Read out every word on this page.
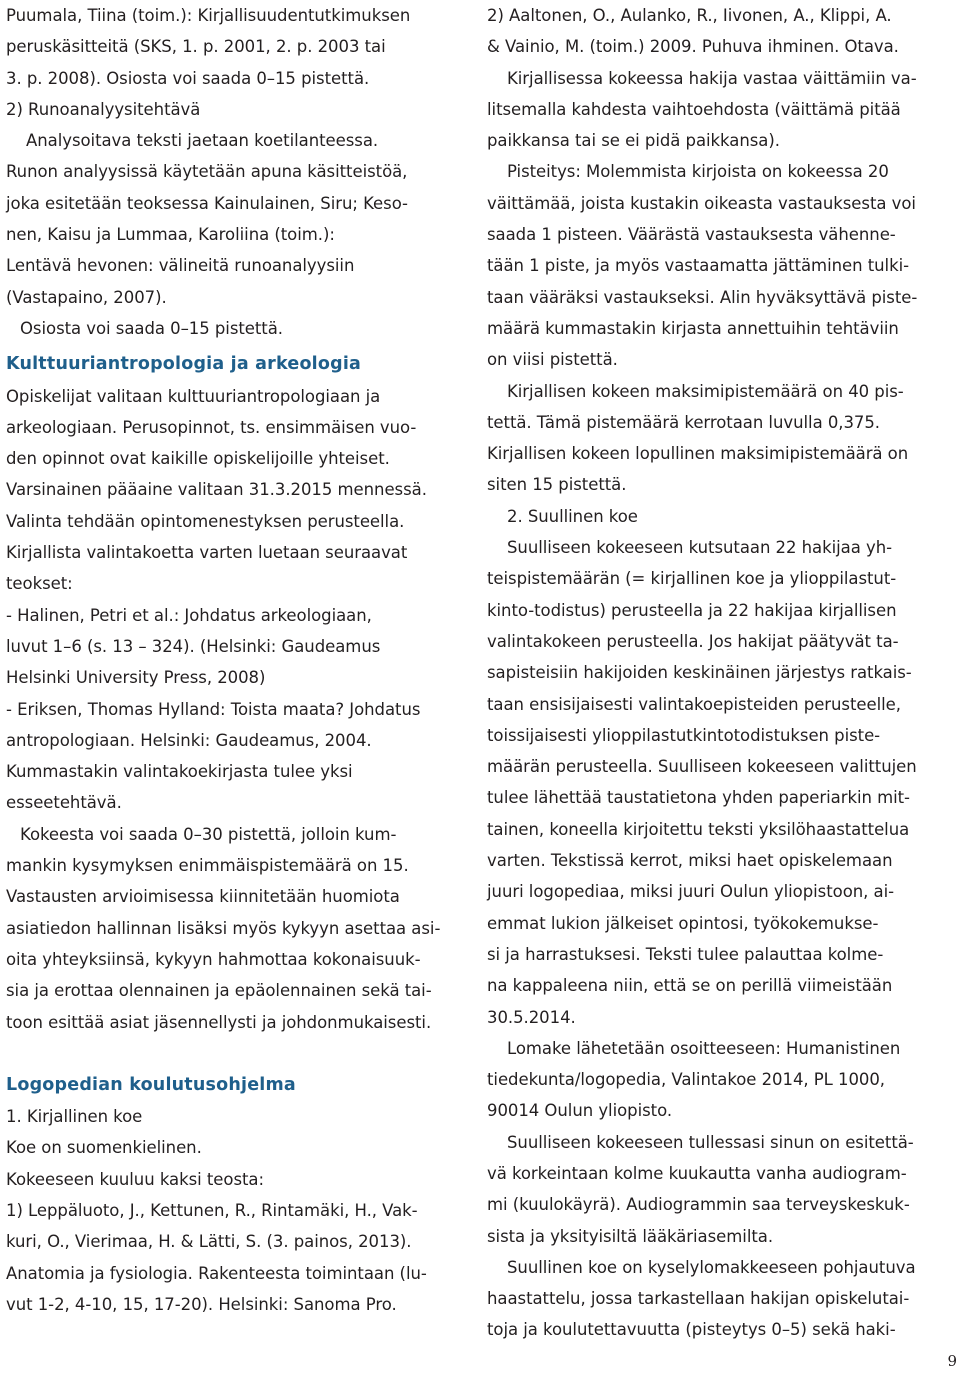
Puumala, Tiina (toim.): Kirjallisuudentutkimuksen
peruskäsitteitä (SKS, 1. p. 2001, 2. p. 2003 tai
3. p. 2008). Osiosta voi saada 0–15 pistettä.
2) Runoanalyysitehtävä
Analysoitava teksti jaetaan koetilanteessa.
Runon analyysissä käytetään apuna käsitteistöä,
joka esitetään teoksessa Kainulainen, Siru; Keso-
nen, Kaisu ja Lummaa, Karoliina (toim.):
Lentävä hevonen: välineitä runoanalyysiin
(Vastapaino, 2007).
Osiosta voi saada 0–15 pistettä.
Kulttuuriantropologia ja arkeologia
Opiskelijat valitaan kulttuuriantropologiaan ja
arkeologiaan. Perusopinnot, ts. ensimmäisen vuo-
den opinnot ovat kaikille opiskelijoille yhteiset.
Varsinainen pääaine valitaan 31.3.2015 mennessä.
Valinta tehdään opintomenestyksen perusteella.
Kirjallista valintakoetta varten luetaan seuraavat
teokset:
- Halinen, Petri et al.: Johdatus arkeologiaan,
luvut 1–6 (s. 13 – 324). (Helsinki: Gaudeamus
Helsinki University Press, 2008)
- Eriksen, Thomas Hylland: Toista maata? Johdatus
antropologiaan. Helsinki: Gaudeamus, 2004.
Kummastakin valintakoekirjasta tulee yksi
esseetehtävä.
Kokeesta voi saada 0–30 pistettä, jolloin kum-
mankin kysymyksen enimmäispistemäärä on 15.
Vastausten arvioimisessa kiinnitetään huomiota
asiatiedon hallinnan lisäksi myös kykyyn asettaa asi-
oita yhteyksiinsä, kykyyn hahmottaa kokonaisuuk-
sia ja erottaa olennainen ja epäolennainen sekä tai-
toon esittää asiat jäsennellysti ja johdonmukaisesti.
Logopedian koulutusohjelma
1. Kirjallinen koe
Koe on suomenkielinen.
Kokeeseen kuuluu kaksi teosta:
1) Leppäluoto, J., Kettunen, R., Rintamäki, H., Vak-
kuri, O., Vierimaa, H. & Lätti, S. (3. painos, 2013).
Anatomia ja fysiologia. Rakenteesta toimintaan (lu-
vut 1-2, 4-10, 15, 17-20). Helsinki: Sanoma Pro.
2) Aaltonen, O., Aulanko, R., Iivonen, A., Klippi, A.
& Vainio, M. (toim.) 2009. Puhuva ihminen. Otava.
Kirjallisessa kokeessa hakija vastaa väittämiin va-
litsemalla kahdesta vaihtoehdosta (väittämä pitää
paikkansa tai se ei pidä paikkansa).
Pisteitys: Molemmista kirjoista on kokeessa 20
väittämää, joista kustakin oikeasta vastauksesta voi
saada 1 pisteen. Väärästä vastauksesta vähenne-
tään 1 piste, ja myös vastaamatta jättäminen tulki-
taan vääräksi vastaukseksi. Alin hyväksyttävä piste-
määrä kummastakin kirjasta annettuihin tehtäviin
on viisi pistettä.
Kirjallisen kokeen maksimipistemäärä on 40 pis-
tettä. Tämä pistemäärä kerrotaan luvulla 0,375.
Kirjallisen kokeen lopullinen maksimipistemäärä on
siten 15 pistettä.
2. Suullinen koe
Suulliseen kokeeseen kutsutaan 22 hakijaa yh-
teispistemäärän (= kirjallinen koe ja ylioppilastut-
kinto-todistus) perusteella ja 22 hakijaa kirjallisen
valintakokeen perusteella. Jos hakijat päätyvät ta-
sapisteisiin hakijoiden keskinäinen järjestys ratkais-
taan ensisijaisesti valintakoepisteiden perusteelle,
toissijaisesti ylioppilastutkintotodistuksen piste-
määrän perusteella. Suulliseen kokeeseen valittujen
tulee lähettää taustatietona yhden paperiarkin mit-
tainen, koneella kirjoitettu teksti yksilöhaastattelua
varten. Tekstissä kerrot, miksi haet opiskelemaan
juuri logopediaa, miksi juuri Oulun yliopistoon, ai-
emmat lukion jälkeiset opintosi, työkokemukse-
si ja harrastuksesi. Teksti tulee palauttaa kolme-
na kappaleena niin, että se on perillä viimeistään
30.5.2014.
Lomake lähetetään osoitteeseen: Humanistinen
tiedekunta/logopedia, Valintakoe 2014, PL 1000,
90014 Oulun yliopisto.
Suulliseen kokeeseen tullessasi sinun on esitettä-
vä korkeintaan kolme kuukautta vanha audiogram-
mi (kuulokäyrä). Audiogrammin saa terveyskeskuk-
sista ja yksityisiltä lääkäriasemilta.
Suullinen koe on kyselylomakkeeseen pohjautuva
haastattelu, jossa tarkastellaan hakijan opiskelutai-
toja ja koulutettavuutta (pisteytys 0–5) sekä haki-
9
